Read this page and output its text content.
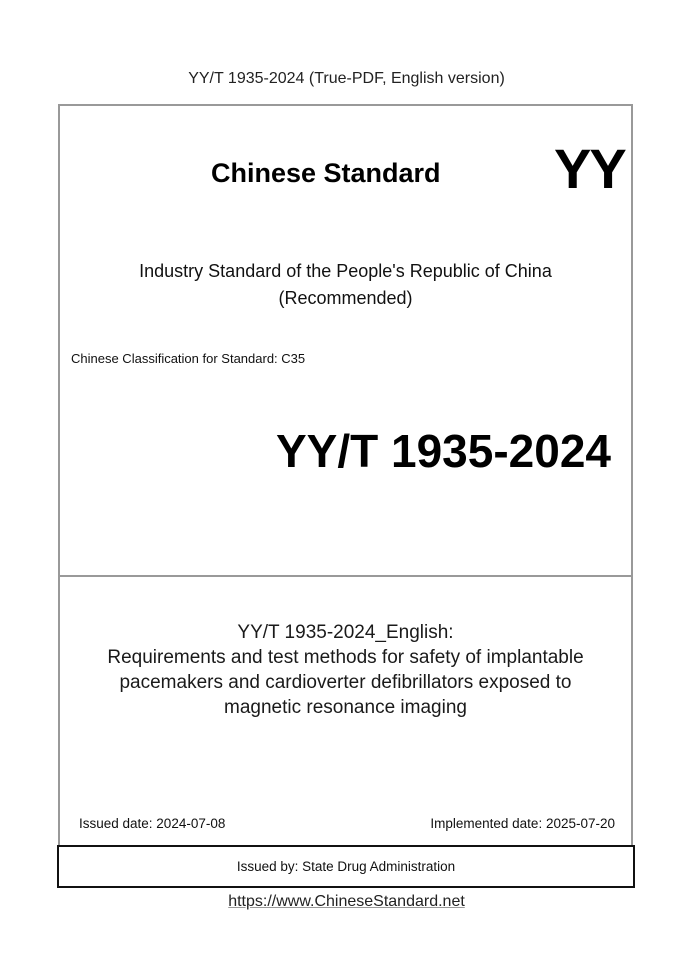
YY/T 1935-2024 (True-PDF, English version)
Chinese Standard YY
Industry Standard of the People's Republic of China
(Recommended)
Chinese Classification for Standard: C35
YY/T 1935-2024
YY/T 1935-2024_English:
Requirements and test methods for safety of implantable
pacemakers and cardioverter defibrillators exposed to
magnetic resonance imaging
Issued date: 2024-07-08	Implemented date: 2025-07-20
Issued by: State Drug Administration
https://www.ChineseStandard.net
